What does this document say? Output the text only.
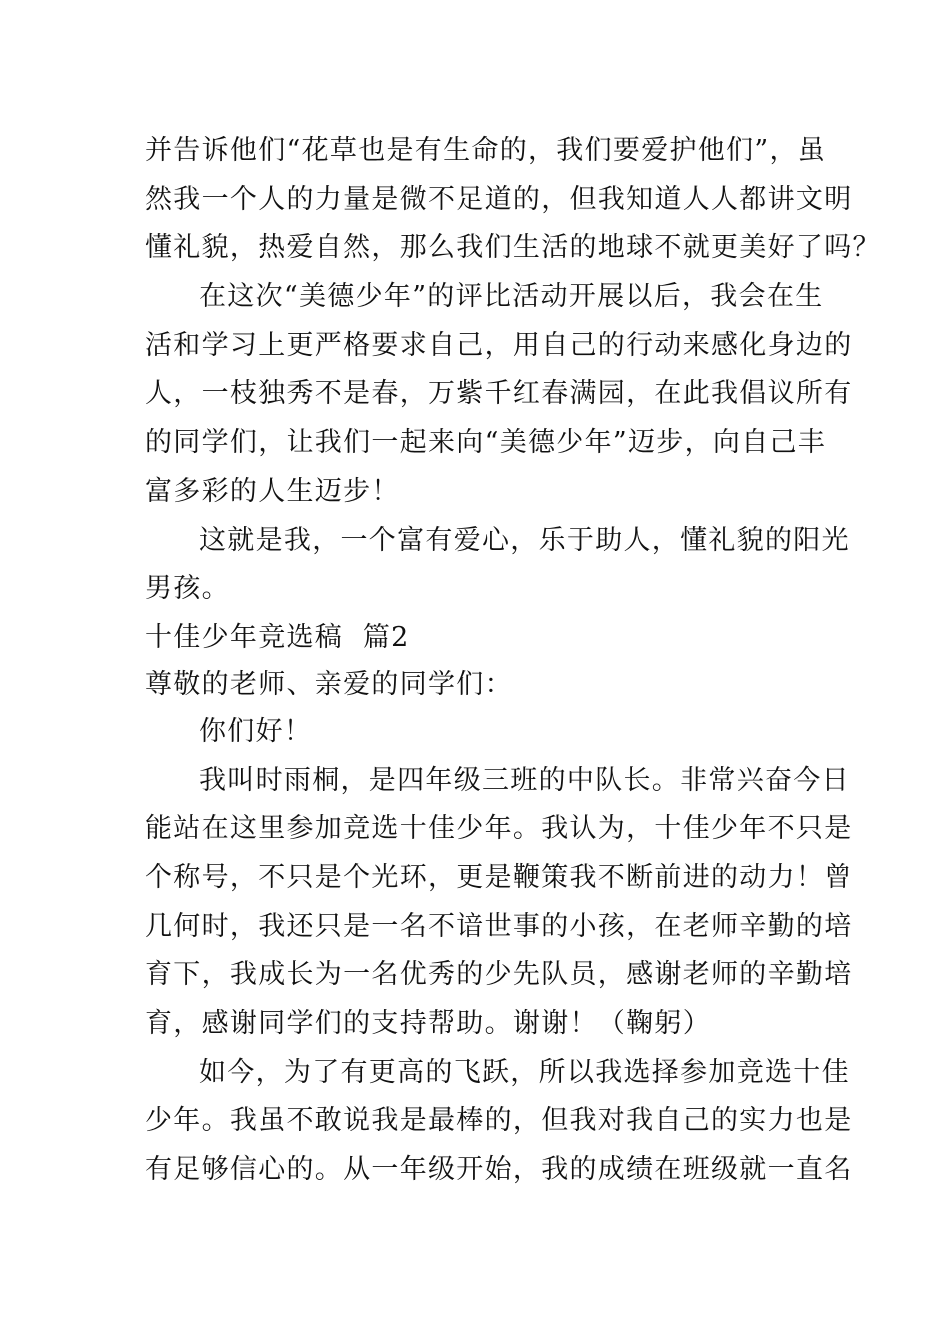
并告诉他们“花草也是有生命的，我们要爱护他们”，虽
然我一个人的力量是微不足道的，但我知道人人都讲文明
懂礼貌，热爱自然，那么我们生活的地球不就更美好了吗？
在这次“美德少年”的评比活动开展以后，我会在生
活和学习上更严格要求自己，用自己的行动来感化身边的
人，一枝独秀不是春，万紫千红春满园，在此我倡议所有
的同学们，让我们一起来向“美德少年”迈步，向自己丰
富多彩的人生迈步！
这就是我，一个富有爱心，乐于助人，懂礼貌的阳光
男孩。
十佳少年竞选稿  篇2
尊敬的老师、亲爱的同学们：
你们好！
我叫时雨桐，是四年级三班的中队长。非常兴奋今日
能站在这里参加竞选十佳少年。我认为，十佳少年不只是
个称号，不只是个光环，更是鞭策我不断前进的动力！曾
几何时，我还只是一名不谙世事的小孩，在老师辛勤的培
育下，我成长为一名优秀的少先队员，感谢老师的辛勤培
育，感谢同学们的支持帮助。谢谢！（鞠躬）
如今，为了有更高的飞跃，所以我选择参加竞选十佳
少年。我虽不敢说我是最棒的，但我对我自己的实力也是
有足够信心的。从一年级开始，我的成绩在班级就一直名
